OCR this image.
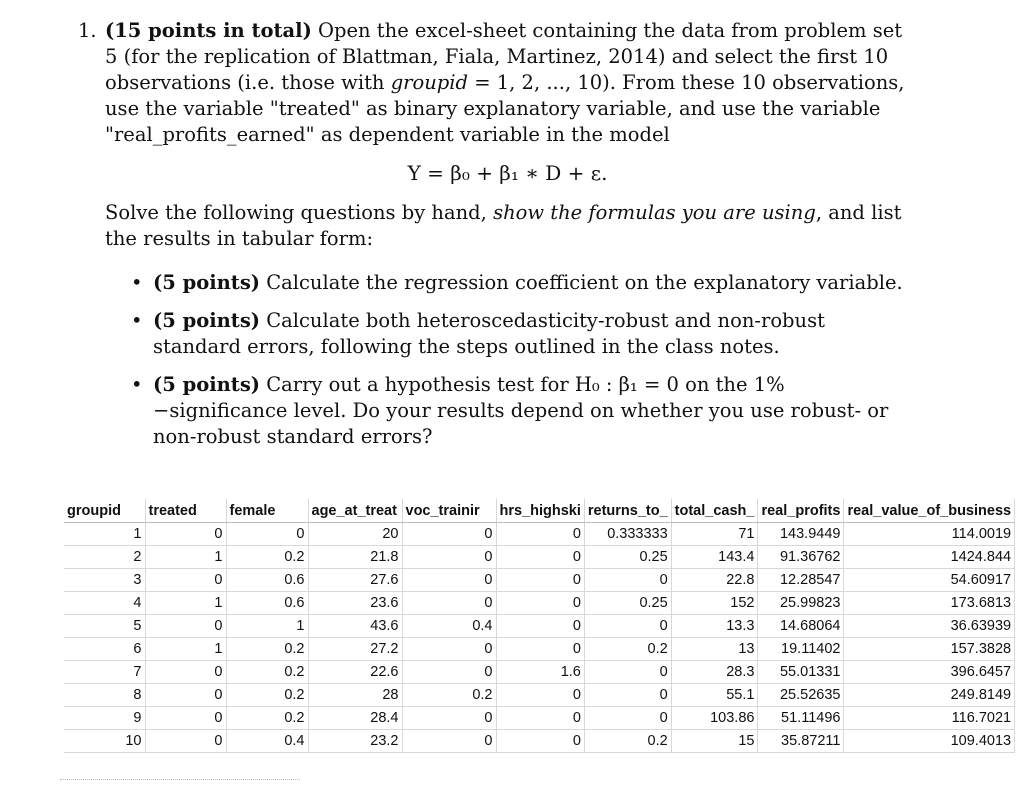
1. (15 points in total) Open the excel-sheet containing the data from problem set 5 (for the replication of Blattman, Fiala, Martinez, 2014) and select the first 10 observations (i.e. those with groupid = 1, 2, ..., 10). From these 10 observations, use the variable "treated" as binary explanatory variable, and use the variable "real_profits_earned" as dependent variable in the model
Y = β₀ + β₁ ∗ D + ε.
Solve the following questions by hand, show the formulas you are using, and list the results in tabular form:
• (5 points) Calculate the regression coefficient on the explanatory variable.
• (5 points) Calculate both heteroscedasticity-robust and non-robust standard errors, following the steps outlined in the class notes.
• (5 points) Carry out a hypothesis test for H₀ : β₁ = 0 on the 1%−significance level. Do your results depend on whether you use robust- or non-robust standard errors?
groupid	treated	female	age_at_treat	voc_trainir	hrs_highski	returns_to_	total_cash_	real_profits	real_value_of_business
1	0	0	20	0	0	0.333333	71	143.9449	114.0019
2	1	0.2	21.8	0	0	0.25	143.4	91.36762	1424.844
3	0	0.6	27.6	0	0	0	22.8	12.28547	54.60917
4	1	0.6	23.6	0	0	0.25	152	25.99823	173.6813
5	0	1	43.6	0.4	0	0	13.3	14.68064	36.63939
6	1	0.2	27.2	0	0	0.2	13	19.11402	157.3828
7	0	0.2	22.6	0	1.6	0	28.3	55.01331	396.6457
8	0	0.2	28	0.2	0	0	55.1	25.52635	249.8149
9	0	0.2	28.4	0	0	0	103.86	51.11496	116.7021
10	0	0.4	23.2	0	0	0.2	15	35.87211	109.4013
